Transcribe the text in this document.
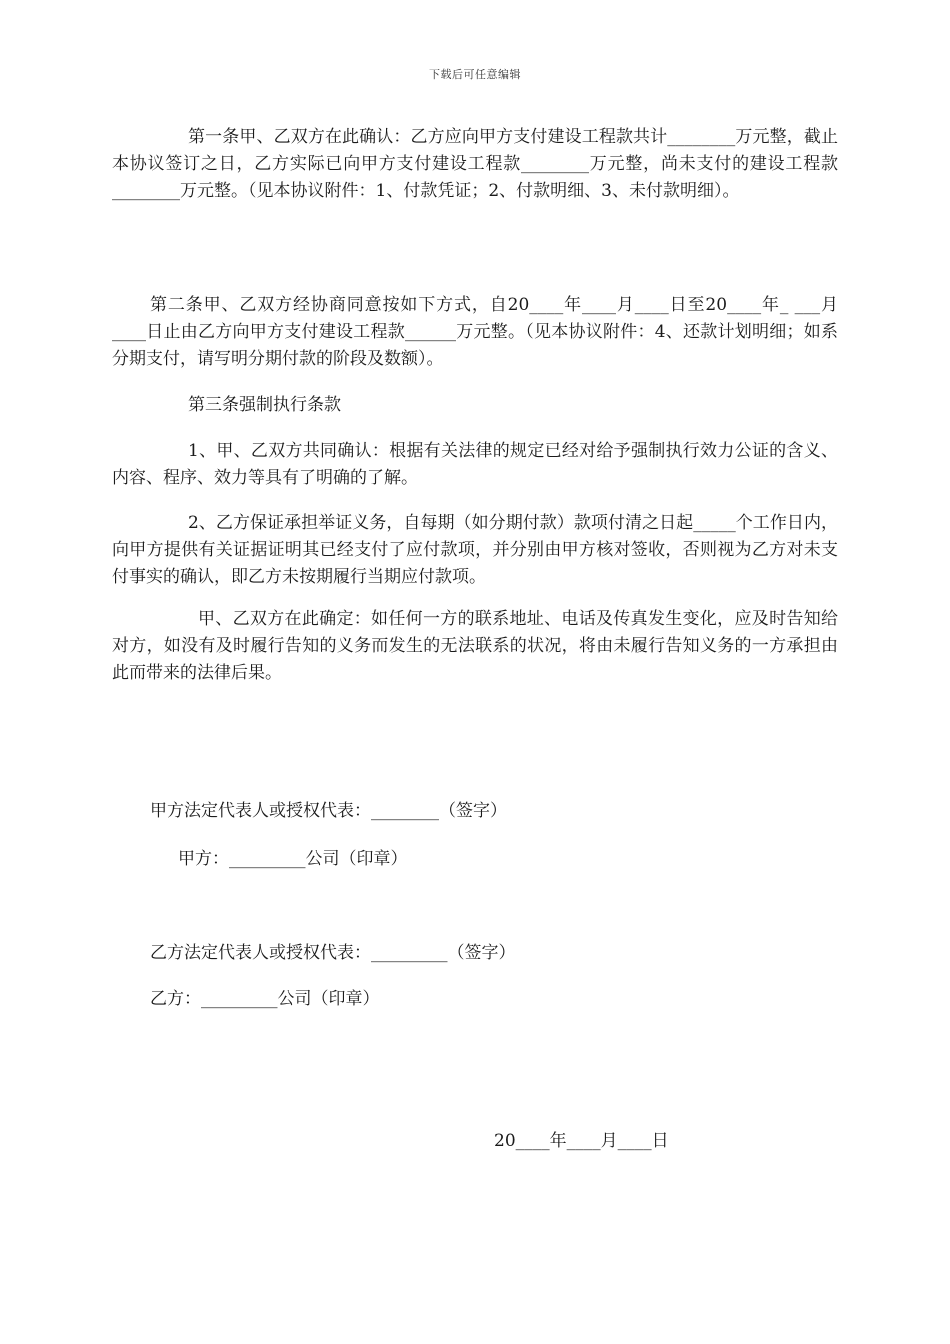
下载后可任意编辑

第一条甲、乙双方在此确认：乙方应向甲方支付建设工程款共计________万元整，截止本协议签订之日，乙方实际已向甲方支付建设工程款________万元整，尚未支付的建设工程款________万元整。（见本协议附件：1、付款凭证；2、付款明细、3、未付款明细）。

第二条甲、乙双方经协商同意按如下方式，自20____年____月____日至20____年_ ___月____日止由乙方向甲方支付建设工程款______万元整。（见本协议附件：4、还款计划明细；如系分期支付，请写明分期付款的阶段及数额）。

第三条强制执行条款

1、甲、乙双方共同确认：根据有关法律的规定已经对给予强制执行效力公证的含义、内容、程序、效力等具有了明确的了解。

2、乙方保证承担举证义务，自每期（如分期付款）款项付清之日起_____个工作日内，向甲方提供有关证据证明其已经支付了应付款项，并分别由甲方核对签收，否则视为乙方对未支付事实的确认，即乙方未按期履行当期应付款项。

甲、乙双方在此确定：如任何一方的联系地址、电话及传真发生变化，应及时告知给对方，如没有及时履行告知的义务而发生的无法联系的状况，将由未履行告知义务的一方承担由此而带来的法律后果。

甲方法定代表人或授权代表：________（签字）
甲方：_________公司（印章）
乙方法定代表人或授权代表：_________（签字）
乙方：_________公司（印章）
20____年____月____日
